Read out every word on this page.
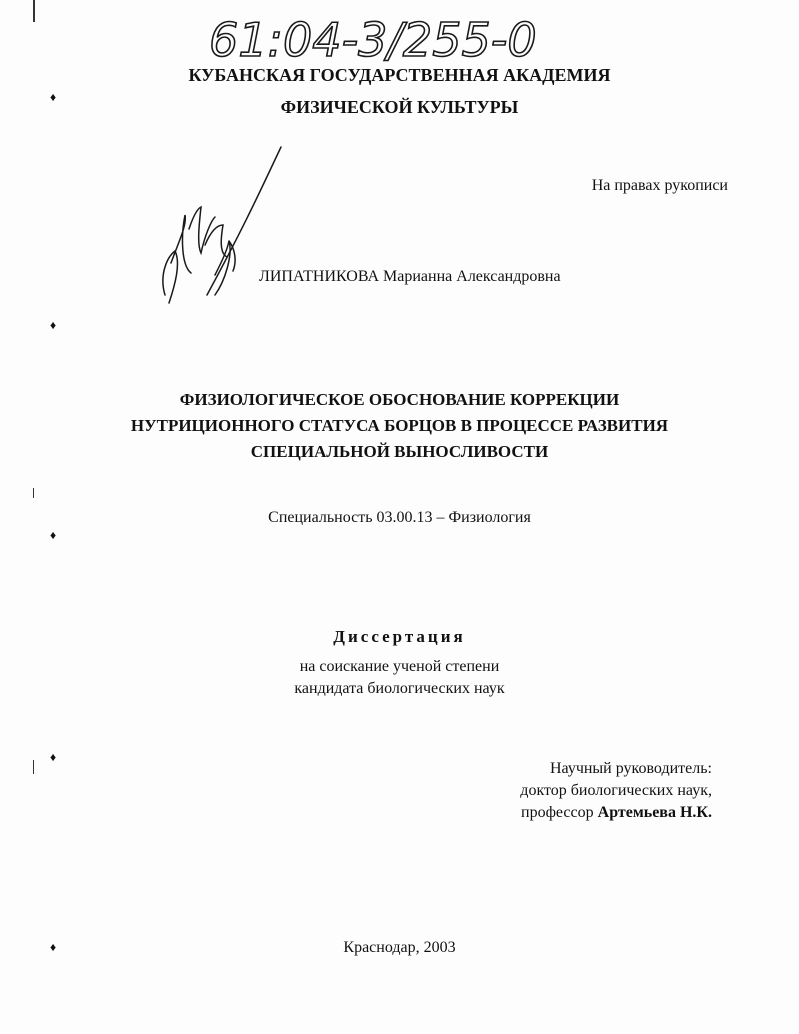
61:04-3/255-0
КУБАНСКАЯ ГОСУДАРСТВЕННАЯ АКАДЕМИЯ
ФИЗИЧЕСКОЙ КУЛЬТУРЫ
На правах рукописи
ЛИПАТНИКОВА Марианна Александровна
ФИЗИОЛОГИЧЕСКОЕ ОБОСНОВАНИЕ КОРРЕКЦИИ
НУТРИЦИОННОГО СТАТУСА БОРЦОВ В ПРОЦЕССЕ РАЗВИТИЯ
СПЕЦИАЛЬНОЙ ВЫНОСЛИВОСТИ
Специальность 03.00.13 – Физиология
Диссертация
на соискание ученой степени
кандидата биологических наук
Научный руководитель:
доктор биологических наук,
профессор Артемьева Н.К.
Краснодар, 2003
♦
♦
♦
♦
♦
